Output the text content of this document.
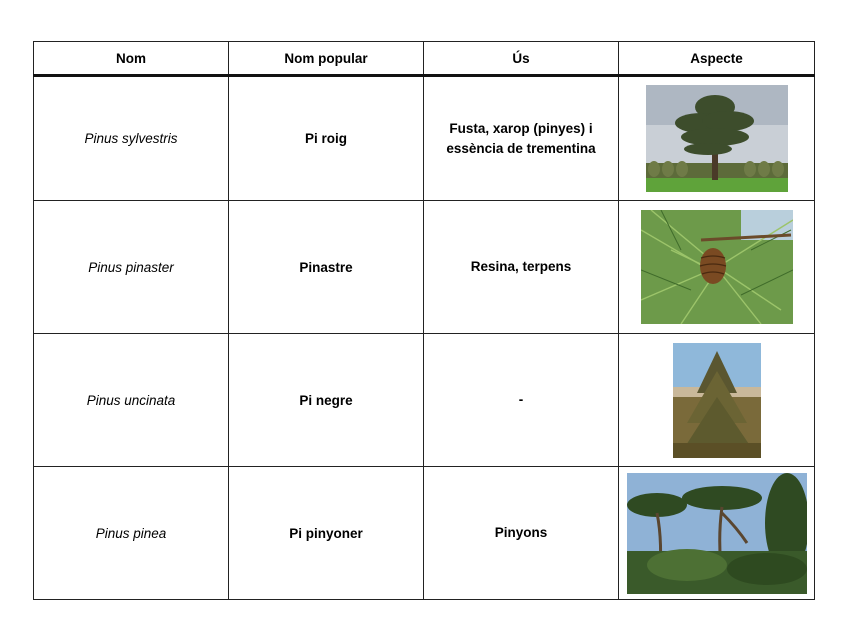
Nom	Nom popular	Ús	Aspecte
Pinus sylvestris	Pi roig	Fusta, xarop (pinyes) i essència de trementina	

Pinus pinaster	Pinastre	Resina, terpens	

Pinus uncinata	Pi negre	-	

Pinus pinea	Pi pinyoner	Pinyons	
